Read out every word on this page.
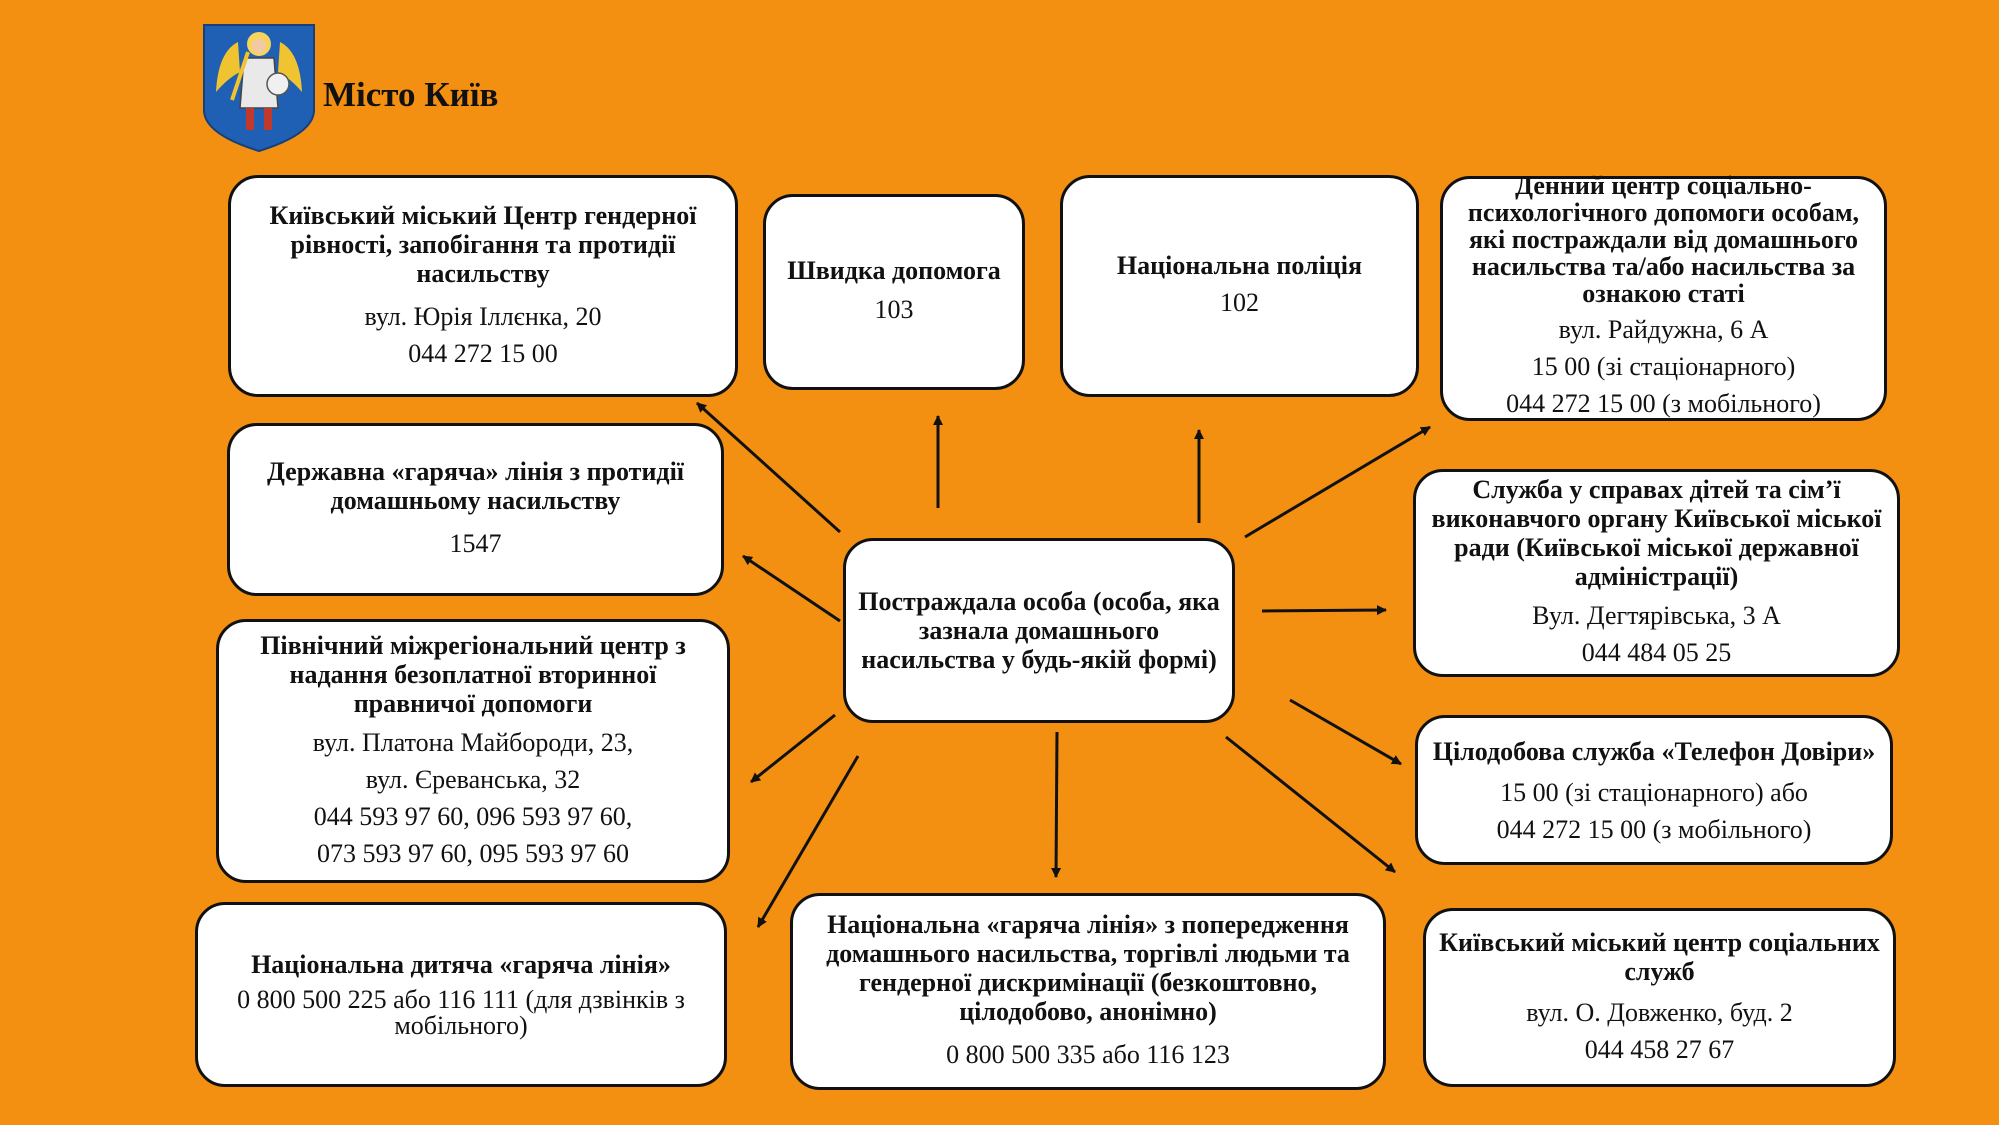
Місто Київ
Постраждала особа (особа, яка зазнала домашнього насильства у будь-якій формі)
Київський міський Центр гендерної рівності, запобігання та протидії насильству
вул. Юрія Іллєнка, 20
044 272 15 00
Швидка допомога
103
Національна поліція
102
Денний центр соціально-психологічного допомоги особам, які постраждали від домашнього насильства та/або насильства за ознакою статі
вул. Райдужна, 6 А
15 00 (зі стаціонарного)
044 272 15 00 (з мобільного)
Державна «гаряча» лінія з протидії домашньому насильству
1547
Служба у справах дітей та сім’ї виконавчого органу Київської міської ради (Київської міської державної адміністрації)
Вул. Дегтярівська, 3 А
044 484 05 25
Північний міжрегіональний центр з надання безоплатної вторинної правничої допомоги
вул. Платона Майбороди, 23,
вул. Єреванська, 32
044 593 97 60, 096 593 97 60,
073 593 97 60, 095 593 97 60
Цілодобова служба «Телефон Довіри»
15 00 (зі стаціонарного) або
044 272 15 00 (з мобільного)
Національна дитяча «гаряча лінія»
0 800 500 225 або 116 111 (для дзвінків з мобільного)
Національна «гаряча лінія» з попередження домашнього насильства, торгівлі людьми та гендерної дискримінації (безкоштовно, цілодобово, анонімно)
0 800 500 335 або 116 123
Київський міський центр соціальних служб
вул. О. Довженко, буд. 2
044 458 27 67
